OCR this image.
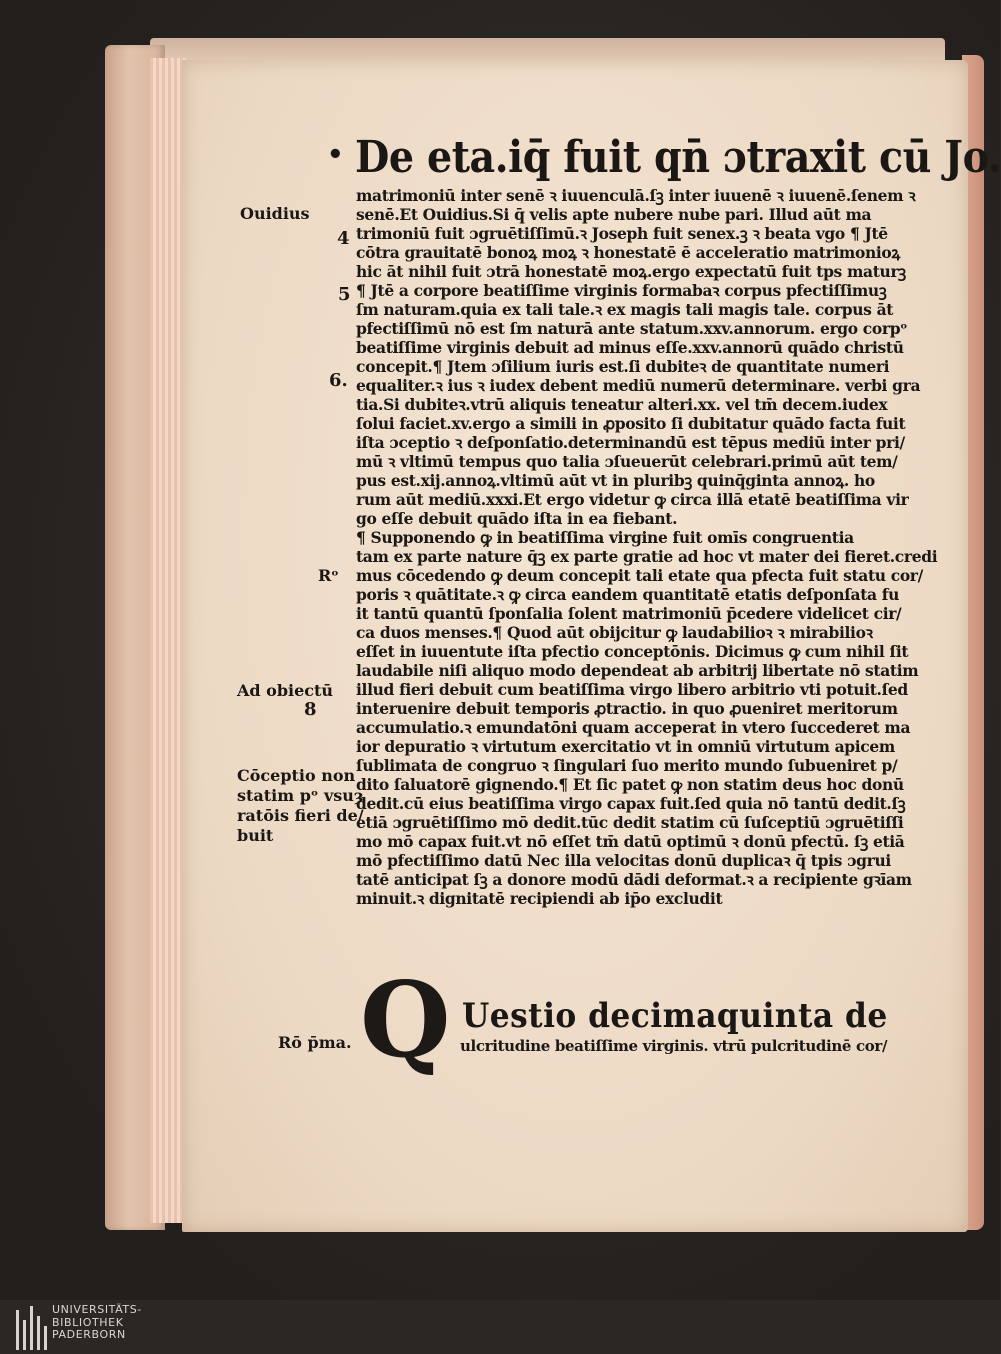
• De eta.iq̄ fuit qn̄ ɔtraxit cū Jo.
Ouidius
4
5
6.
Rᵒ
Ad obiectū
8
Cōceptio non
statim pᵒ vsuȝ
ratōis fieri de/
buit
Rō p̄ma.
matrimoniū inter senē ꝛ iuuenculā.ſꝫ inter iuuenē ꝛ iuuenē.ſenem ꝛ
senē.Et Ouidius.Si q̄ velis apte nubere nube pari. Illud aūt ma
trimoniū fuit ɔgruētiſſimū.ꝛ Joseph fuit senex.ꝫ ꝛ beata vgo ¶ Jtē
cōtra grauitatē bonoꝝ moꝝ ꝛ honestatē ē acceleratio matrimonioꝝ
hic āt nihil fuit ɔtrā honestatē moꝝ.ergo expectatū fuit tps maturꝫ
¶ Jtē a corpore beatiſſime virginis formabaꝛ corpus pfectiſſimuꝫ
ſm naturam.quia ex tali tale.ꝛ ex magis tali magis tale. corpus āt
pfectiſſimū nō est ſm naturā ante statum.xxv.annorum. ergo corpᵒ
beatiſſime virginis debuit ad minus eſſe.xxv.annorū quādo christū
concepit.¶ Jtem ɔſilium iuris est.ſi dubiteꝛ de quantitate numeri
equaliter.ꝛ ius ꝛ iudex debent mediū numerū determinare. verbi gra
tia.Si dubiteꝛ.vtrū aliquis teneatur alteri.xx. vel tm̄ decem.iudex
ſolui faciet.xv.ergo a simili in ꝓposito ſi dubitatur quādo facta fuit
iſta ɔceptio ꝛ deſponſatio.determinandū est tēpus mediū inter pri/
mū ꝛ vltimū tempus quo talia ɔſueuerūt celebrari.primū aūt tem/
pus est.xij.annoꝝ.vltimū aūt vt in pluribꝫ quinq̄ginta annoꝝ. ho
rum aūt mediū.xxxi.Et ergo videtur ꝙ circa illā etatē beatiſſima vir
go eſſe debuit quādo iſta in ea fiebant.
¶ Supponendo ꝙ in beatiſſima virgine fuit omīs congruentia
tam ex parte nature q̄ꝫ ex parte gratie ad hoc vt mater dei fieret.credi
mus cōcedendo ꝙ deum concepit tali etate qua pfecta fuit statu cor/
poris ꝛ quātitate.ꝛ ꝙ circa eandem quantitatē etatis deſponſata fu
it tantū quantū ſponſalia ſolent matrimoniū p̄cedere videlicet cir/
ca duos menses.¶ Quod aūt obijcitur ꝙ laudabilioꝛ ꝛ mirabilioꝛ
eſſet in iuuentute iſta pfectio conceptōnis. Dicimus ꝙ cum nihil ſit
laudabile niſi aliquo modo dependeat ab arbitrij libertate nō statim
illud fieri debuit cum beatiſſima virgo libero arbitrio vti potuit.ſed
interuenire debuit temporis ꝓtractio. in quo ꝓueniret meritorum
accumulatio.ꝛ emundatōni quam acceperat in vtero ſuccederet ma
ior depuratio ꝛ virtutum exercitatio vt in omniū virtutum apicem
ſublimata de congruo ꝛ ſingulari ſuo merito mundo ſubueniret p/
dito ſaluatorē gignendo.¶ Et ſic patet ꝙ non statim deus hoc donū
dedit.cū eius beatiſſima virgo capax fuit.ſed quia nō tantū dedit.ſꝫ
etiā ɔgruētiſſimo mō dedit.tūc dedit statim cū ſuſceptiū ɔgruētiſſi
mo mō capax fuit.vt nō eſſet tm̄ datū optimū ꝛ donū pfectū. ſꝫ etiā
mō pfectiſſimo datū Nec illa velocitas donū duplicaꝛ q̄ tpis ɔgrui
tatē anticipat ſꝫ a donore modū dādi deformat.ꝛ a recipiente gꝛīam
minuit.ꝛ dignitatē recipiendi ab ip̄o excludit
Q Uestio decimaquinta de
ulcritudine beatiſſime virginis. vtrū pulcritudinē cor/
UNIVERSITÄTS-
BIBLIOTHEK
PADERBORN
